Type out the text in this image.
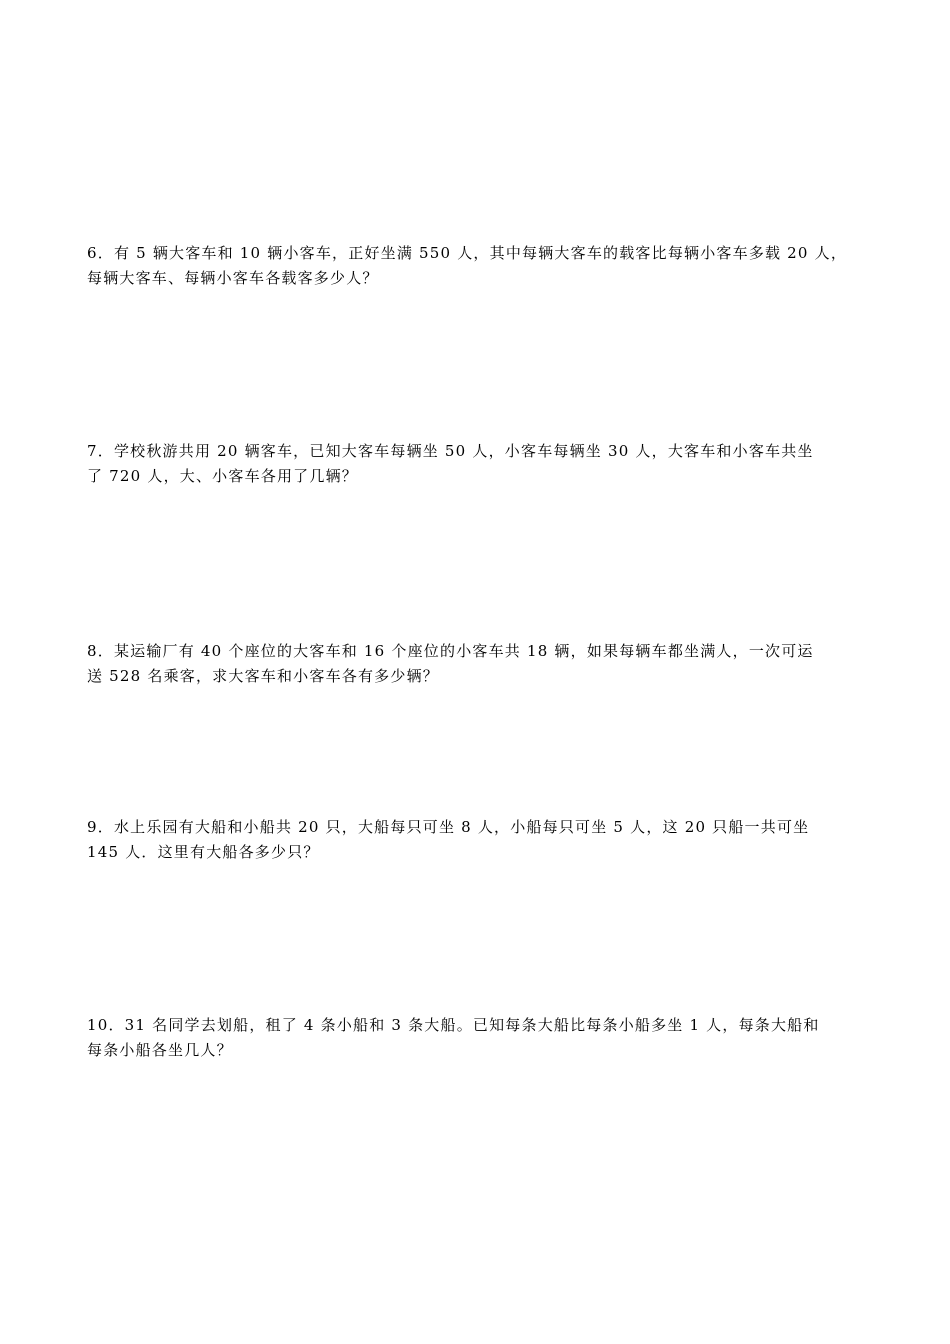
6．有 5 辆大客车和 10 辆小客车，正好坐满 550 人，其中每辆大客车的载客比每辆小客车多载 20 人，
每辆大客车、每辆小客车各载客多少人？
7．学校秋游共用 20 辆客车，已知大客车每辆坐 50 人，小客车每辆坐 30 人，大客车和小客车共坐
了 720 人，大、小客车各用了几辆？
8．某运输厂有 40 个座位的大客车和 16 个座位的小客车共 18 辆，如果每辆车都坐满人，一次可运
送 528 名乘客，求大客车和小客车各有多少辆？
9．水上乐园有大船和小船共 20 只，大船每只可坐 8 人，小船每只可坐 5 人，这 20 只船一共可坐
145 人．这里有大船各多少只？
10．31 名同学去划船，租了 4 条小船和 3 条大船。已知每条大船比每条小船多坐 1 人，每条大船和
每条小船各坐几人？
